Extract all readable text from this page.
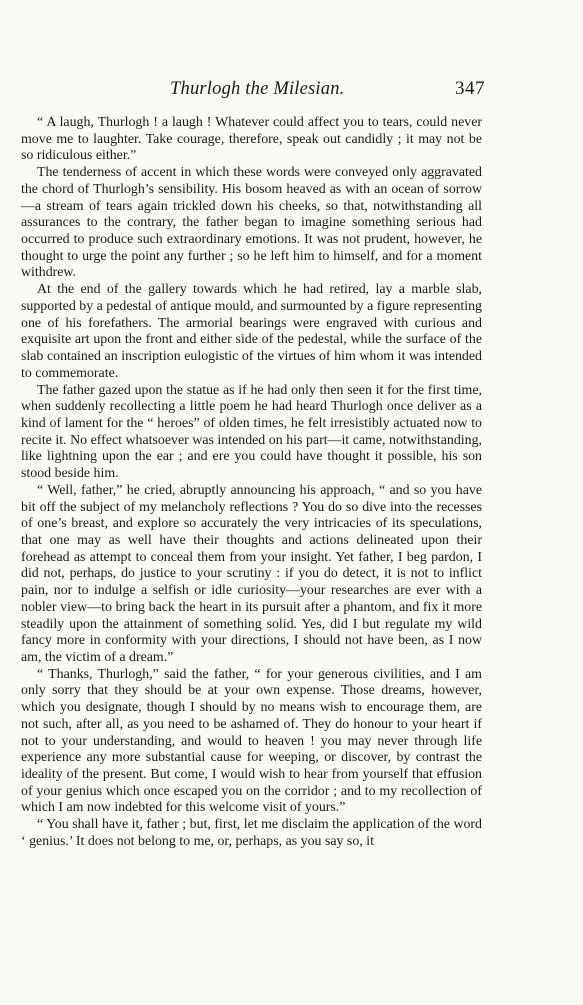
Thurlogh the Milesian.	347

“ A laugh, Thurlogh ! a laugh ! Whatever could affect you to tears, could never move me to laughter. Take courage, therefore, speak out candidly ; it may not be so ridiculous either.”

The tenderness of accent in which these words were conveyed only aggravated the chord of Thurlogh’s sensibility. His bosom heaved as with an ocean of sorrow—a stream of tears again trickled down his cheeks, so that, notwithstanding all assurances to the contrary, the father began to imagine something serious had occurred to produce such extraordinary emotions. It was not prudent, however, he thought to urge the point any further ; so he left him to himself, and for a moment withdrew.

At the end of the gallery towards which he had retired, lay a marble slab, supported by a pedestal of antique mould, and surmounted by a figure representing one of his forefathers. The armorial bearings were engraved with curious and exquisite art upon the front and either side of the pedestal, while the surface of the slab contained an inscription eulogistic of the virtues of him whom it was intended to commemorate.

The father gazed upon the statue as if he had only then seen it for the first time, when suddenly recollecting a little poem he had heard Thurlogh once deliver as a kind of lament for the “ heroes” of olden times, he felt irresistibly actuated now to recite it. No effect whatsoever was intended on his part—it came, notwithstanding, like lightning upon the ear ; and ere you could have thought it possible, his son stood beside him.

“ Well, father,” he cried, abruptly announcing his approach, “ and so you have bit off the subject of my melancholy reflections ? You do so dive into the recesses of one’s breast, and explore so accurately the very intricacies of its speculations, that one may as well have their thoughts and actions delineated upon their forehead as attempt to conceal them from your insight. Yet father, I beg pardon, I did not, perhaps, do justice to your scrutiny : if you do detect, it is not to inflict pain, nor to indulge a selfish or idle curiosity—your researches are ever with a nobler view—to bring back the heart in its pursuit after a phantom, and fix it more steadily upon the attainment of something solid. Yes, did I but regulate my wild fancy more in conformity with your directions, I should not have been, as I now am, the victim of a dream.”

“ Thanks, Thurlogh,” said the father, “ for your generous civilities, and I am only sorry that they should be at your own expense. Those dreams, however, which you designate, though I should by no means wish to encourage them, are not such, after all, as you need to be ashamed of. They do honour to your heart if not to your understanding, and would to heaven ! you may never through life experience any more substantial cause for weeping, or discover, by contrast the ideality of the present. But come, I would wish to hear from yourself that effusion of your genius which once escaped you on the corridor ; and to my recollection of which I am now indebted for this welcome visit of yours.”

“ You shall have it, father ; but, first, let me disclaim the application of the word ‘ genius.’ It does not belong to me, or, perhaps, as you say so, it
